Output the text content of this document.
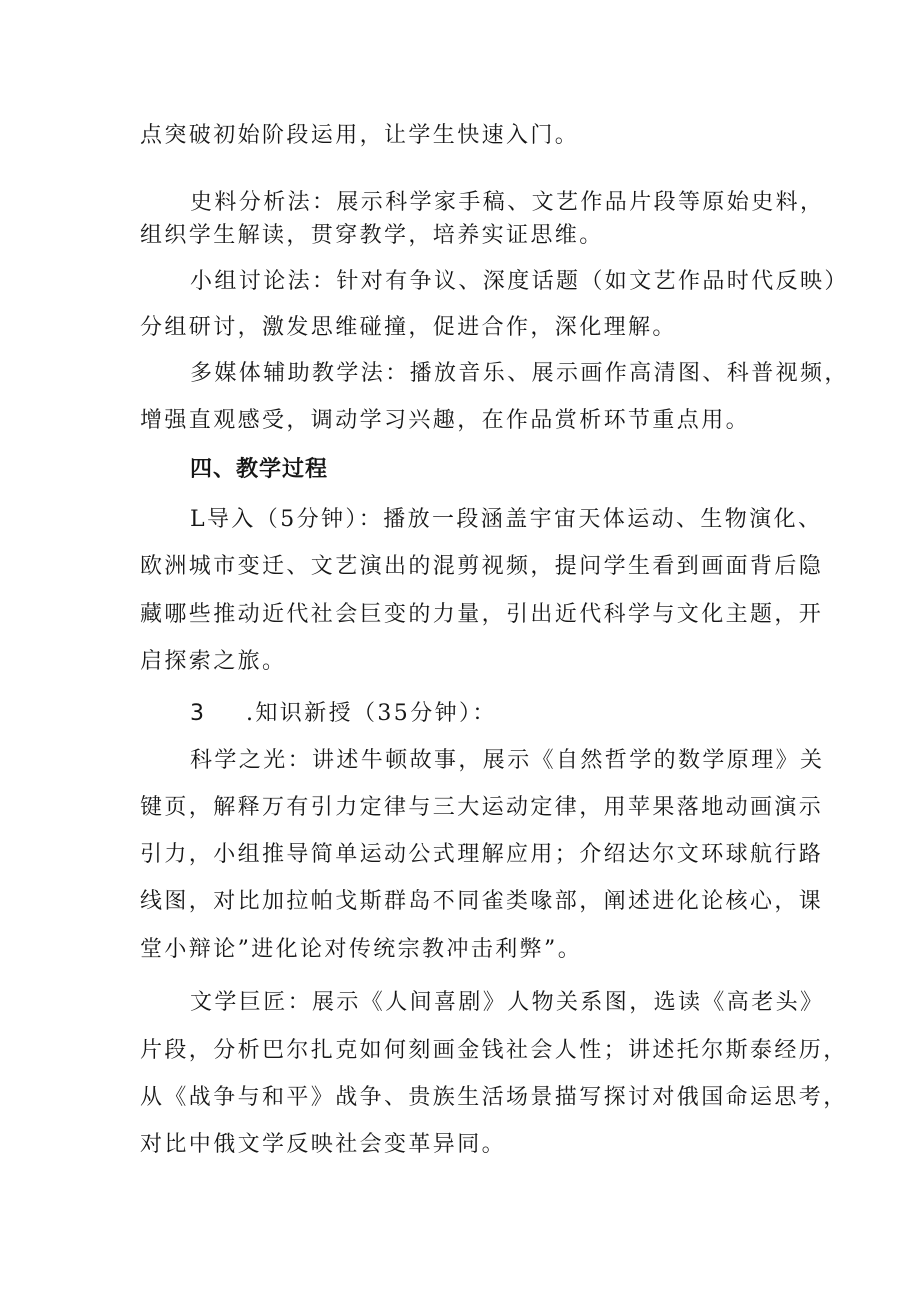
点突破初始阶段运用，让学生快速入门。
史料分析法：展示科学家手稿、文艺作品片段等原始史料，
组织学生解读，贯穿教学，培养实证思维。
小组讨论法：针对有争议、深度话题（如文艺作品时代反映）
分组研讨，激发思维碰撞，促进合作，深化理解。
多媒体辅助教学法：播放音乐、展示画作高清图、科普视频，
增强直观感受，调动学习兴趣，在作品赏析环节重点用。
四、教学过程
L导入（5分钟）：播放一段涵盖宇宙天体运动、生物演化、
欧洲城市变迁、文艺演出的混剪视频，提问学生看到画面背后隐
藏哪些推动近代社会巨变的力量，引出近代科学与文化主题，开
启探索之旅。
3 .知识新授（35分钟）：
科学之光：讲述牛顿故事，展示《自然哲学的数学原理》关
键页，解释万有引力定律与三大运动定律，用苹果落地动画演示
引力，小组推导简单运动公式理解应用；介绍达尔文环球航行路
线图，对比加拉帕戈斯群岛不同雀类喙部，阐述进化论核心，课
堂小辩论”进化论对传统宗教冲击利弊”。
文学巨匠：展示《人间喜剧》人物关系图，选读《高老头》
片段，分析巴尔扎克如何刻画金钱社会人性；讲述托尔斯泰经历，
从《战争与和平》战争、贵族生活场景描写探讨对俄国命运思考，
对比中俄文学反映社会变革异同。
